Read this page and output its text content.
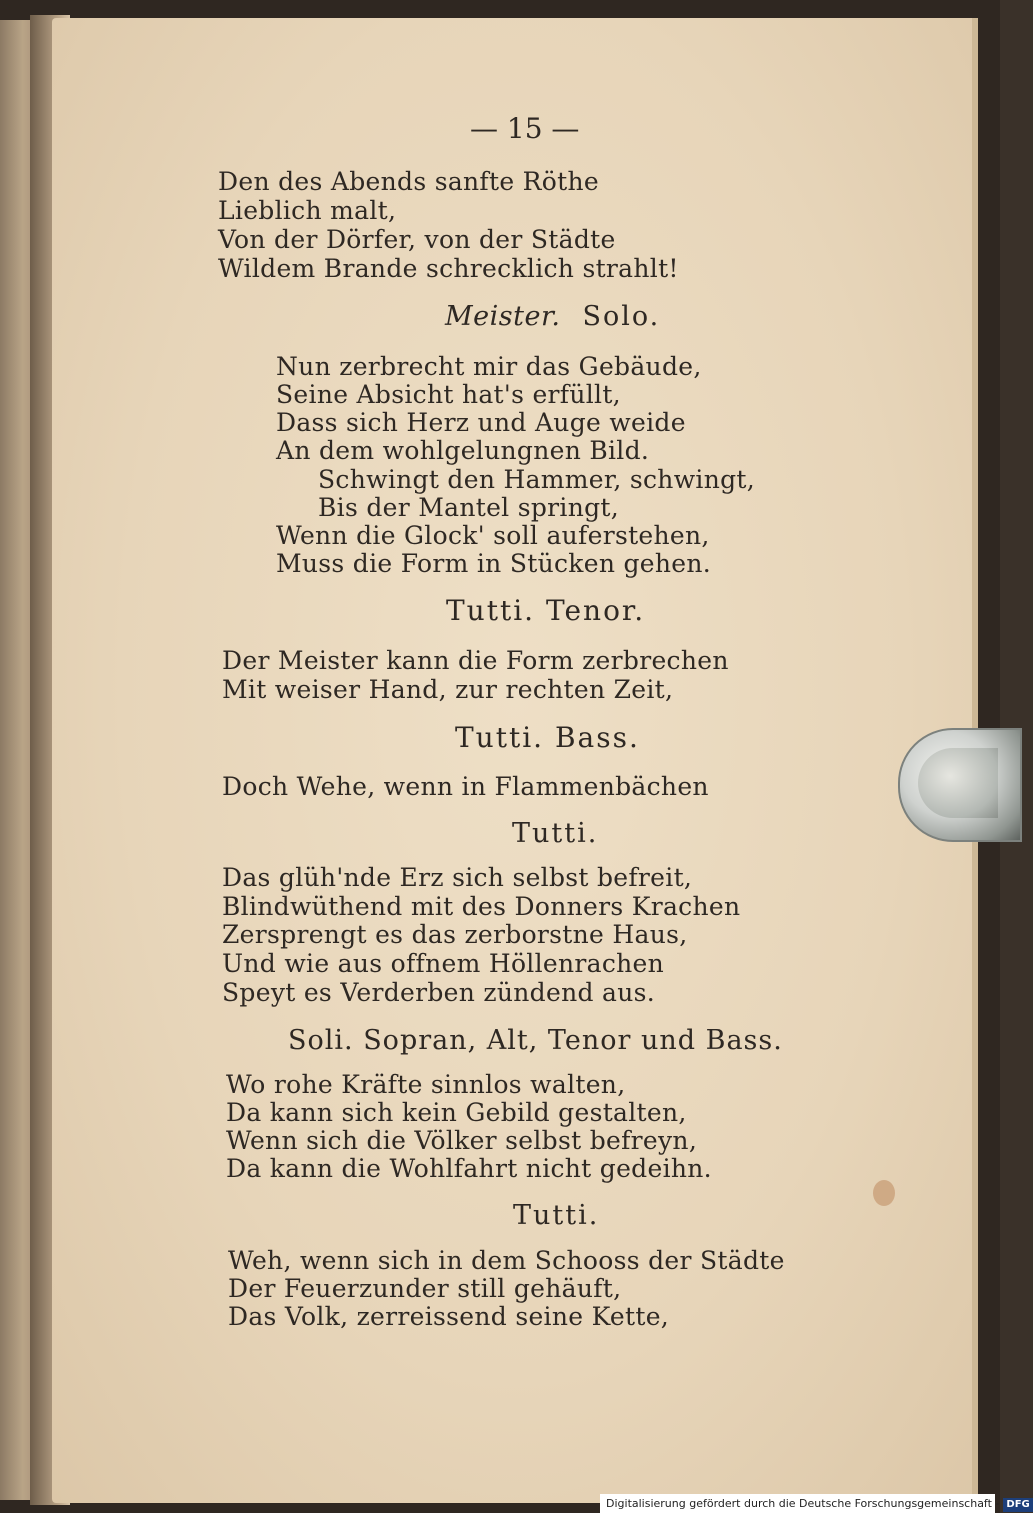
— 15 —
Den des Abends sanfte Röthe
Lieblich malt,
Von der Dörfer, von der Städte
Wildem Brande schrecklich strahlt!
Meister. Solo.
Nun zerbrecht mir das Gebäude,
Seine Absicht hat's erfüllt,
Dass sich Herz und Auge weide
An dem wohlgelungnen Bild.
Schwingt den Hammer, schwingt,
Bis der Mantel springt,
Wenn die Glock' soll auferstehen,
Muss die Form in Stücken gehen.
Tutti. Tenor.
Der Meister kann die Form zerbrechen
Mit weiser Hand, zur rechten Zeit,
Tutti. Bass.
Doch Wehe, wenn in Flammenbächen
Tutti.
Das glüh'nde Erz sich selbst befreit,
Blindwüthend mit des Donners Krachen
Zersprengt es das zerborstne Haus,
Und wie aus offnem Höllenrachen
Speyt es Verderben zündend aus.
Soli. Sopran, Alt, Tenor und Bass.
Wo rohe Kräfte sinnlos walten,
Da kann sich kein Gebild gestalten,
Wenn sich die Völker selbst befreyn,
Da kann die Wohlfahrt nicht gedeihn.
Tutti.
Weh, wenn sich in dem Schooss der Städte
Der Feuerzunder still gehäuft,
Das Volk, zerreissend seine Kette,
Digitalisierung gefördert durch die Deutsche Forschungsgemeinschaft - DFG
